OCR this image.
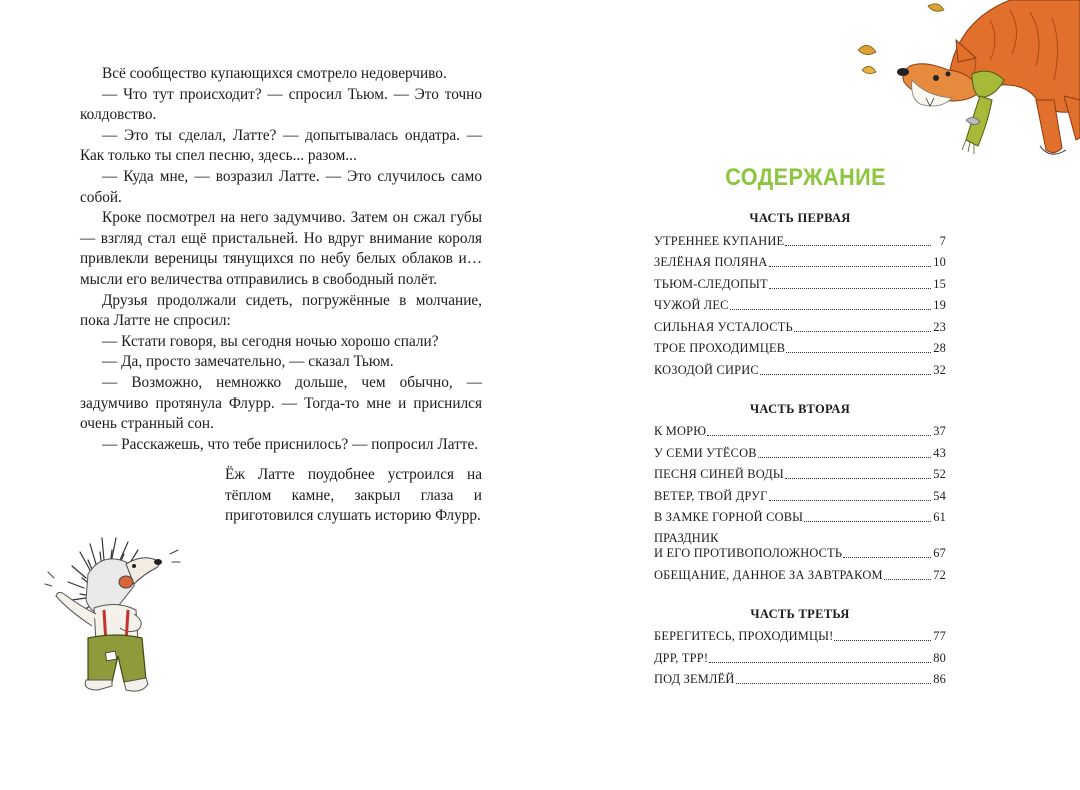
Всё сообщество купающихся смотрело недоверчиво.

— Что тут происходит? — спросил Тьюм. — Это точно колдовство.

— Это ты сделал, Латте? — допытывалась ондатра. — Как только ты спел песню, здесь... разом...

— Куда мне, — возразил Латте. — Это случилось само собой.

Кроке посмотрел на него задумчиво. Затем он сжал губы — взгляд стал ещё пристальней. Но вдруг внимание короля привлекли вереницы тянущихся по небу белых облаков и… мысли его величества отправились в свободный полёт.

Друзья продолжали сидеть, погружённые в молчание, пока Латте не спросил:

— Кстати говоря, вы сегодня ночью хорошо спали?

— Да, просто замечательно, — сказал Тьюм.

— Возможно, немножко дольше, чем обычно, — задумчиво протянула Флурр. — Тогда-то мне и приснился очень странный сон.

— Расскажешь, что тебе приснилось? — попросил Латте.

Ёж Латте поудобнее устроился на тёплом камне, закрыл глаза и приготовился слушать историю Флурр.

СОДЕРЖАНИЕ
ЧАСТЬ ПЕРВАЯ
УТРЕННЕЕ КУПАНИЕ	7
ЗЕЛЁНАЯ ПОЛЯНА	10
ТЬЮМ-СЛЕДОПЫТ	15
ЧУЖОЙ ЛЕС	19
СИЛЬНАЯ УСТАЛОСТЬ	23
ТРОЕ ПРОХОДИМЦЕВ	28
КОЗОДОЙ СИРИС	32
ЧАСТЬ ВТОРАЯ
К МОРЮ	37
У СЕМИ УТЁСОВ	43
ПЕСНЯ СИНЕЙ ВОДЫ	52
ВЕТЕР, ТВОЙ ДРУГ	54
В ЗАМКЕ ГОРНОЙ СОВЫ	61
ПРАЗДНИК
И ЕГО ПРОТИВОПОЛОЖНОСТЬ	67
ОБЕЩАНИЕ, ДАННОЕ ЗА ЗАВТРАКОМ	72
ЧАСТЬ ТРЕТЬЯ
БЕРЕГИТЕСЬ, ПРОХОДИМЦЫ!	77
ДРР, ТРР!	80
ПОД ЗЕМЛЁЙ	86
